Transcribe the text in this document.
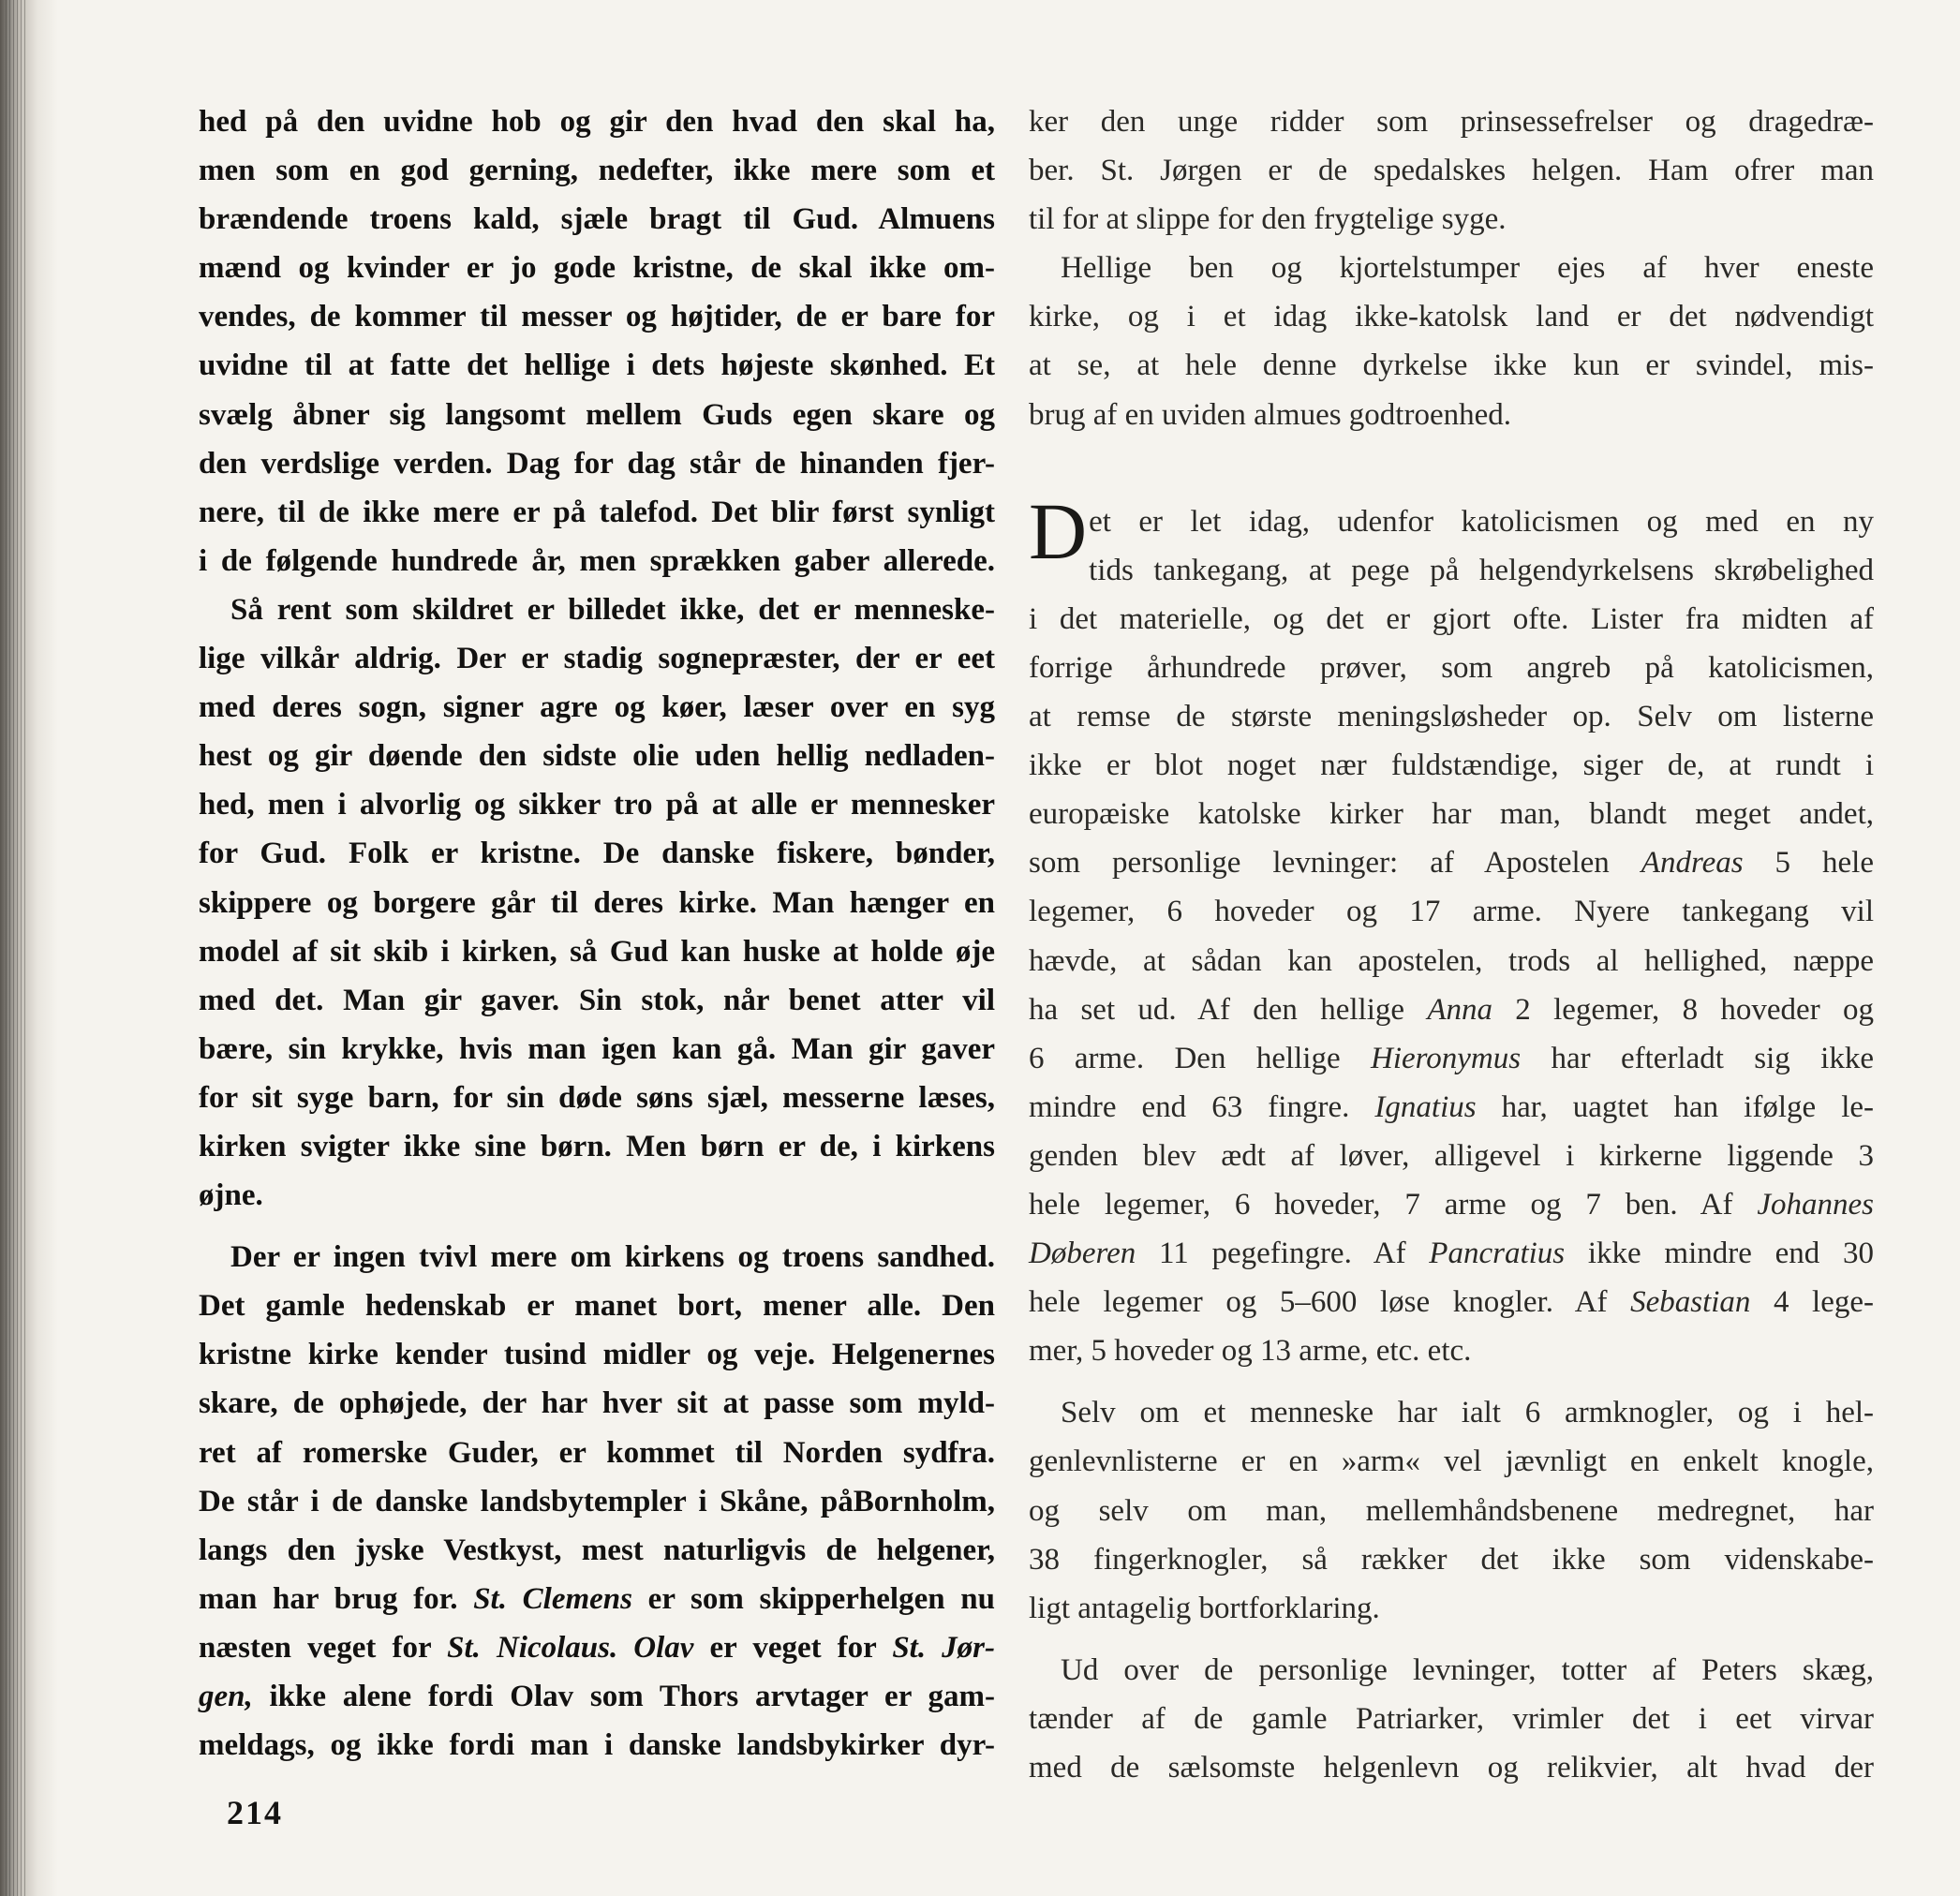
hed på den uvidne hob og gir den hvad den skal ha,
men som en god gerning, nedefter, ikke mere som et
brændende troens kald, sjæle bragt til Gud. Almuens
mænd og kvinder er jo gode kristne, de skal ikke om-
vendes, de kommer til messer og højtider, de er bare for
uvidne til at fatte det hellige i dets højeste skønhed. Et
svælg åbner sig langsomt mellem Guds egen skare og
den verdslige verden. Dag for dag står de hinanden fjer-
nere, til de ikke mere er på talefod. Det blir først synligt
i de følgende hundrede år, men sprækken gaber allerede.

Så rent som skildret er billedet ikke, det er menneske-
lige vilkår aldrig. Der er stadig sognepræster, der er eet
med deres sogn, signer agre og køer, læser over en syg
hest og gir døende den sidste olie uden hellig nedladen-
hed, men i alvorlig og sikker tro på at alle er mennesker
for Gud. Folk er kristne. De danske fiskere, bønder,
skippere og borgere går til deres kirke. Man hænger en
model af sit skib i kirken, så Gud kan huske at holde øje
med det. Man gir gaver. Sin stok, når benet atter vil
bære, sin krykke, hvis man igen kan gå. Man gir gaver
for sit syge barn, for sin døde søns sjæl, messerne læses,
kirken svigter ikke sine børn. Men børn er de, i kirkens
øjne.

Der er ingen tvivl mere om kirkens og troens sandhed.
Det gamle hedenskab er manet bort, mener alle. Den
kristne kirke kender tusind midler og veje. Helgenernes
skare, de ophøjede, der har hver sit at passe som myld-
ret af romerske Guder, er kommet til Norden sydfra.
De står i de danske landsbytempler i Skåne, påBornholm,
langs den jyske Vestkyst, mest naturligvis de helgener,
man har brug for. St. Clemens er som skipperhelgen nu
næsten veget for St. Nicolaus. Olav er veget for St. Jør-
gen, ikke alene fordi Olav som Thors arvtager er gam-
meldags, og ikke fordi man i danske landsbykirker dyr-

ker den unge ridder som prinsessefrelser og dragedræ-
ber. St. Jørgen er de spedalskes helgen. Ham ofrer man
til for at slippe for den frygtelige syge.

Hellige ben og kjortelstumper ejes af hver eneste
kirke, og i et idag ikke-katolsk land er det nødvendigt
at se, at hele denne dyrkelse ikke kun er svindel, mis-
brug af en uviden almues godtroenhed.

D et er let idag, udenfor katolicismen og med en ny
tids tankegang, at pege på helgendyrkelsens skrøbelighed
i det materielle, og det er gjort ofte. Lister fra midten af
forrige århundrede prøver, som angreb på katolicismen,
at remse de største meningsløsheder op. Selv om listerne
ikke er blot noget nær fuldstændige, siger de, at rundt i
europæiske katolske kirker har man, blandt meget andet,
som personlige levninger: af Apostelen Andreas 5 hele
legemer, 6 hoveder og 17 arme. Nyere tankegang vil
hævde, at sådan kan apostelen, trods al hellighed, næppe
ha set ud. Af den hellige Anna 2 legemer, 8 hoveder og
6 arme. Den hellige Hieronymus har efterladt sig ikke
mindre end 63 fingre. Ignatius har, uagtet han ifølge le-
genden blev ædt af løver, alligevel i kirkerne liggende 3
hele legemer, 6 hoveder, 7 arme og 7 ben. Af Johannes
Døberen 11 pegefingre. Af Pancratius ikke mindre end 30
hele legemer og 5–600 løse knogler. Af Sebastian 4 lege-
mer, 5 hoveder og 13 arme, etc. etc.

Selv om et menneske har ialt 6 armknogler, og i hel-
genlevnlisterne er en »arm« vel jævnligt en enkelt knogle,
og selv om man, mellemhåndsbenene medregnet, har
38 fingerknogler, så rækker det ikke som videnskabe-
ligt antagelig bortforklaring.

Ud over de personlige levninger, totter af Peters skæg,
tænder af de gamle Patriarker, vrimler det i eet virvar
med de sælsomste helgenlevn og relikvier, alt hvad der

214
